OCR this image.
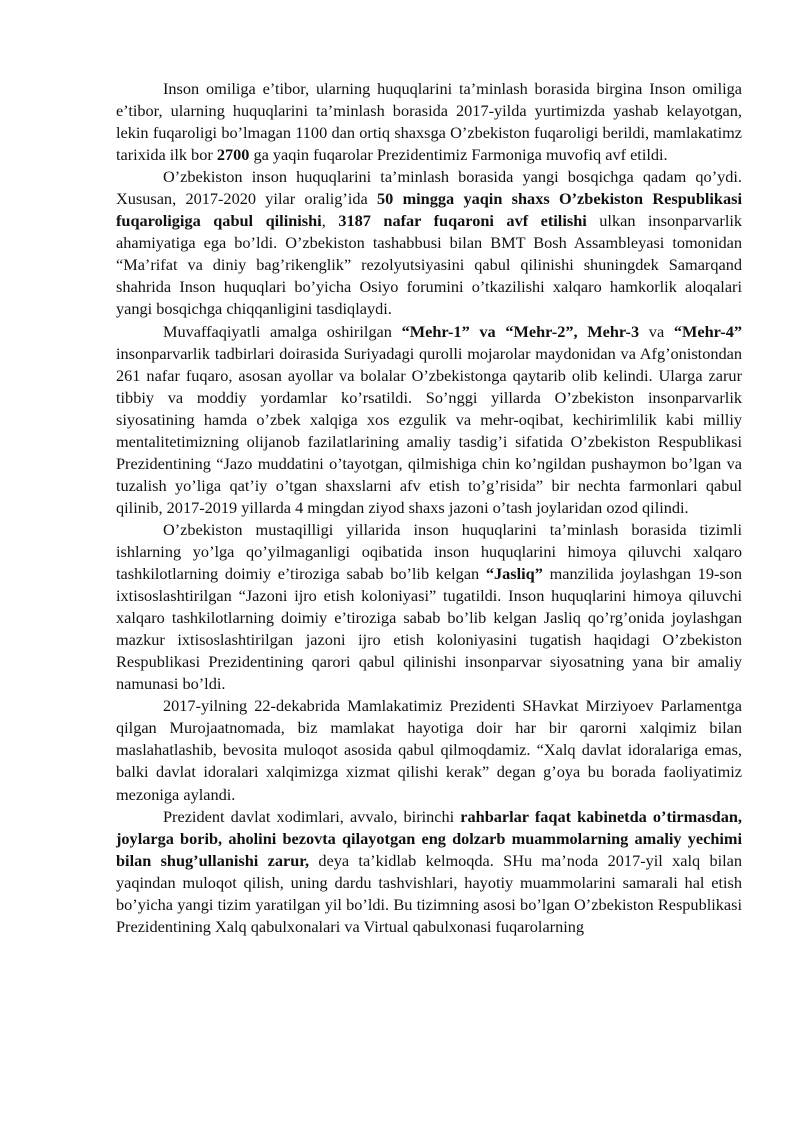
Inson omiliga e’tibor, ularning huquqlarini ta’minlash borasida birgina Inson omiliga e’tibor, ularning huquqlarini ta’minlash borasida 2017-yilda yurtimizda yashab kelayotgan, lekin fuqaroligi bo’lmagan 1100 dan ortiq shaxsga O’zbekiston fuqaroligi berildi, mamlakatimz tarixida ilk bor 2700 ga yaqin fuqarolar Prezidentimiz Farmoniga muvofiq avf etildi.

O’zbekiston inson huquqlarini ta’minlash borasida yangi bosqichga qadam qo’ydi. Xususan, 2017-2020 yilar oralig’ida 50 mingga yaqin shaxs O’zbekiston Respublikasi fuqaroligiga qabul qilinishi, 3187 nafar fuqaroni avf etilishi ulkan insonparvarlik ahamiyatiga ega bo’ldi. O’zbekiston tashabbusi bilan BMT Bosh Assambleyasi tomonidan “Ma’rifat va diniy bag’rikenglik” rezolyutsiyasini qabul qilinishi shuningdek Samarqand shahrida Inson huquqlari bo’yicha Osiyo forumini o’tkazilishi xalqaro hamkorlik aloqalari yangi bosqichga chiqqanligini tasdiqlaydi.

Muvaffaqiyatli amalga oshirilgan “Mehr-1” va “Mehr-2”, Mehr-3 va “Mehr-4” insonparvarlik tadbirlari doirasida Suriyadagi qurolli mojarolar maydonidan va Afg’onistondan 261 nafar fuqaro, asosan ayollar va bolalar O’zbekistonga qaytarib olib kelindi. Ularga zarur tibbiy va moddiy yordamlar ko’rsatildi. So’nggi yillarda O’zbekiston insonparvarlik siyosatining hamda o’zbek xalqiga xos ezgulik va mehr-oqibat, kechirimlilik kabi milliy mentalitetimizning olijanob fazilatlarining amaliy tasdig’i sifatida O’zbekiston Respublikasi Prezidentining “Jazo muddatini o’tayotgan, qilmishiga chin ko’ngildan pushaymon bo’lgan va tuzalish yo’liga qat’iy o’tgan shaxslarni afv etish to’g’risida” bir nechta farmonlari qabul qilinib, 2017-2019 yillarda 4 mingdan ziyod shaxs jazoni o’tash joylaridan ozod qilindi.

O’zbekiston mustaqilligi yillarida inson huquqlarini ta’minlash borasida tizimli ishlarning yo’lga qo’yilmaganligi oqibatida inson huquqlarini himoya qiluvchi xalqaro tashkilotlarning doimiy e’tiroziga sabab bo’lib kelgan “Jasliq” manzilida joylashgan 19-son ixtisoslashtirilgan “Jazoni ijro etish koloniyasi” tugatildi. Inson huquqlarini himoya qiluvchi xalqaro tashkilotlarning doimiy e’tiroziga sabab bo’lib kelgan Jasliq qo’rg’onida joylashgan mazkur ixtisoslashtirilgan jazoni ijro etish koloniyasini tugatish haqidagi O’zbekiston Respublikasi Prezidentining qarori qabul qilinishi insonparvar siyosatning yana bir amaliy namunasi bo’ldi.

2017-yilning 22-dekabrida Mamlakatimiz Prezidenti SHavkat Mirziyoev Parlamentga qilgan Murojaatnomada, biz mamlakat hayotiga doir har bir qarorni xalqimiz bilan maslahatlashib, bevosita muloqot asosida qabul qilmoqdamiz. “Xalq davlat idoralariga emas, balki davlat idoralari xalqimizga xizmat qilishi kerak” degan g’oya bu borada faoliyatimiz mezoniga aylandi.

Prezident davlat xodimlari, avvalo, birinchi rahbarlar faqat kabinetda o’tirmasdan, joylarga borib, aholini bezovta qilayotgan eng dolzarb muammolarning amaliy yechimi bilan shug’ullanishi zarur, deya ta’kidlab kelmoqda. SHu ma’noda 2017-yil xalq bilan yaqindan muloqot qilish, uning dardu tashvishlari, hayotiy muammolarini samarali hal etish bo’yicha yangi tizim yaratilgan yil bo’ldi. Bu tizimning asosi bo’lgan O’zbekiston Respublikasi Prezidentining Xalq qabulxonalari va Virtual qabulxonasi fuqarolarning
